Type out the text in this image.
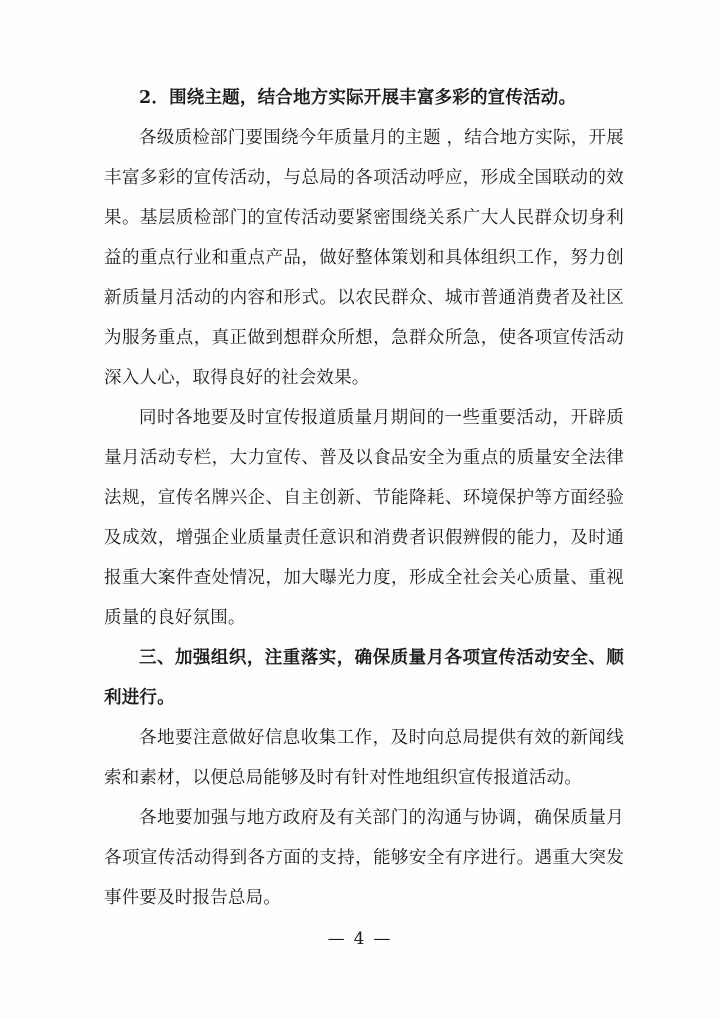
2．围绕主题，结合地方实际开展丰富多彩的宣传活动。

各级质检部门要围绕今年质量月的主题 ，结合地方实际，开展丰富多彩的宣传活动，与总局的各项活动呼应，形成全国联动的效果。基层质检部门的宣传活动要紧密围绕关系广大人民群众切身利益的重点行业和重点产品，做好整体策划和具体组织工作，努力创新质量月活动的内容和形式。以农民群众、城市普通消费者及社区为服务重点，真正做到想群众所想，急群众所急，使各项宣传活动深入人心，取得良好的社会效果。

同时各地要及时宣传报道质量月期间的一些重要活动，开辟质量月活动专栏，大力宣传、普及以食品安全为重点的质量安全法律法规，宣传名牌兴企、自主创新、节能降耗、环境保护等方面经验及成效，增强企业质量责任意识和消费者识假辨假的能力，及时通报重大案件查处情况，加大曝光力度，形成全社会关心质量、重视质量的良好氛围。

三、加强组织，注重落实，确保质量月各项宣传活动安全、顺利进行。

各地要注意做好信息收集工作，及时向总局提供有效的新闻线索和素材，以便总局能够及时有针对性地组织宣传报道活动。

各地要加强与地方政府及有关部门的沟通与协调，确保质量月各项宣传活动得到各方面的支持，能够安全有序进行。遇重大突发事件要及时报告总局。

— 4 —
